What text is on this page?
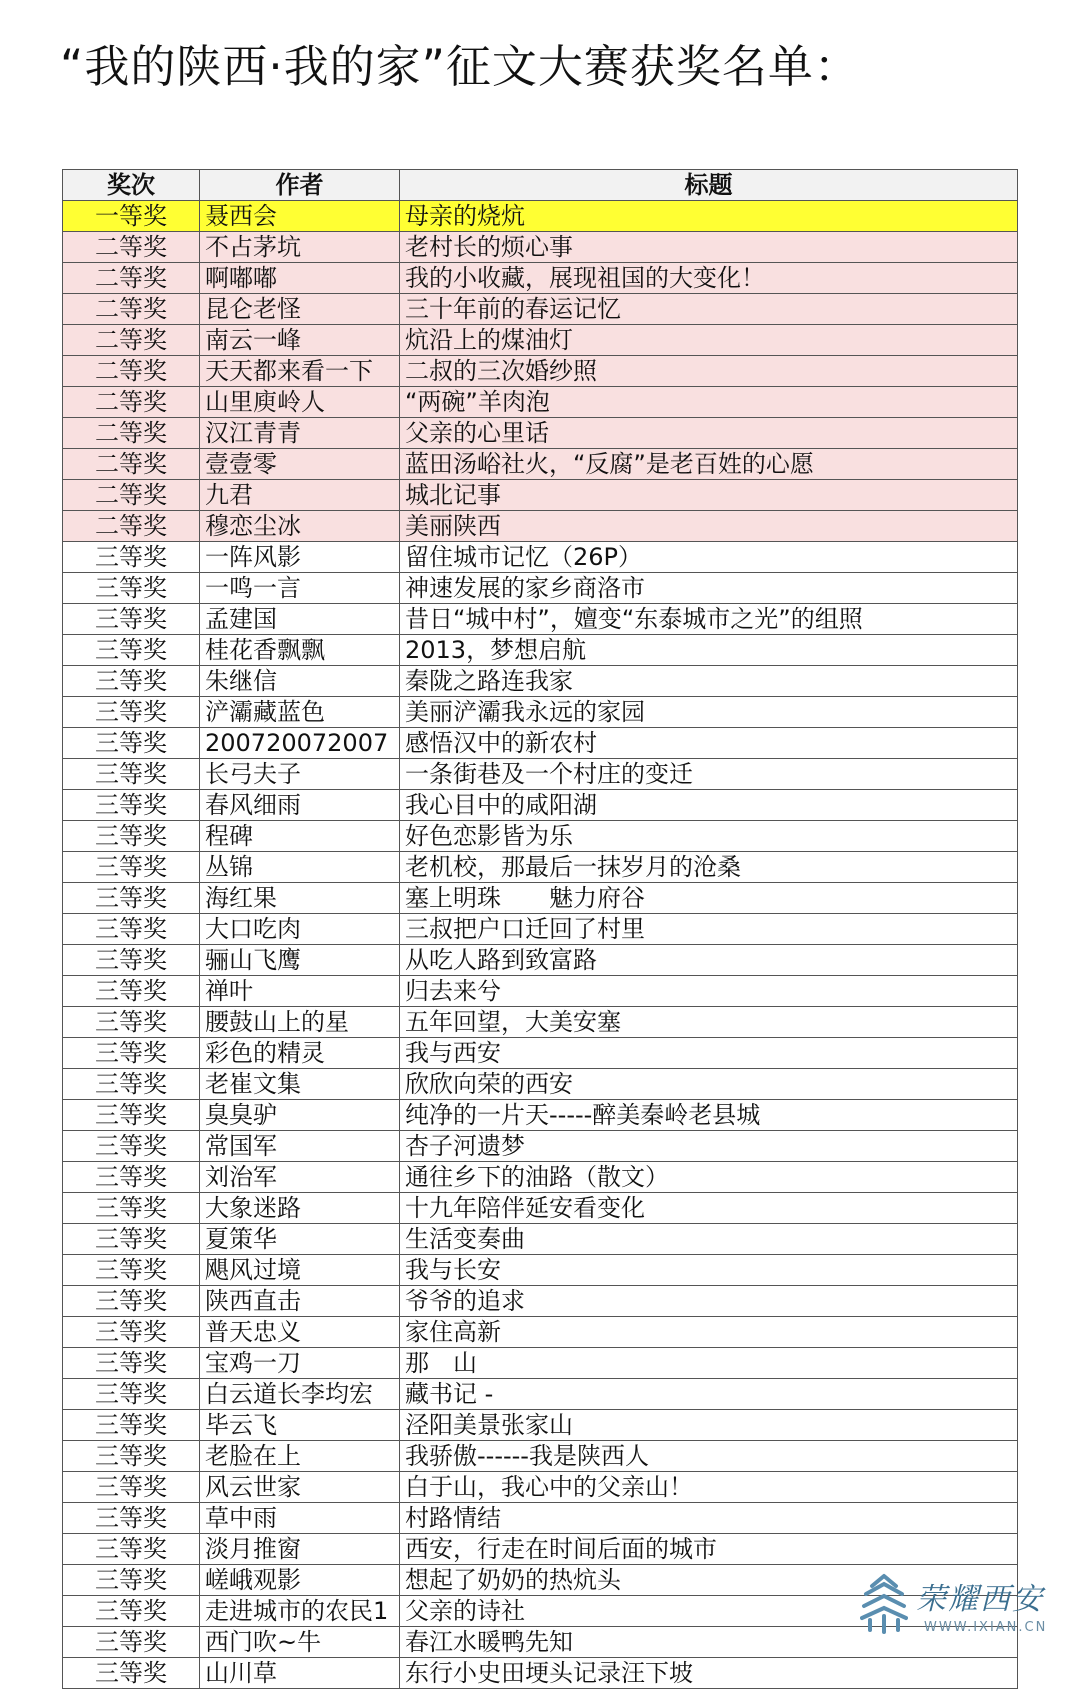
“我的陕西·我的家”征文大赛获奖名单：
奖次	作者	标题
一等奖	聂西会	母亲的烧炕
二等奖	不占茅坑	老村长的烦心事
二等奖	啊嘟嘟	我的小收藏，展现祖国的大变化！
二等奖	昆仑老怪	三十年前的春运记忆
二等奖	南云一峰	炕沿上的煤油灯
二等奖	天天都来看一下	二叔的三次婚纱照
二等奖	山里庾岭人	“两碗”羊肉泡
二等奖	汉江青青	父亲的心里话
二等奖	壹壹零	蓝田汤峪社火，“反腐”是老百姓的心愿
二等奖	九君	城北记事
二等奖	穆恋尘冰	美丽陕西
三等奖	一阵风影	留住城市记忆（26P）
三等奖	一鸣一言	神速发展的家乡商洛市
三等奖	孟建国	昔日“城中村”，嬗变“东泰城市之光”的组照
三等奖	桂花香飘飘	2013，梦想启航
三等奖	朱继信	秦陇之路连我家
三等奖	浐灞藏蓝色	美丽浐灞我永远的家园
三等奖	200720072007	感悟汉中的新农村
三等奖	长弓夫子	一条街巷及一个村庄的变迁
三等奖	春风细雨	我心目中的咸阳湖
三等奖	程碑	好色恋影皆为乐
三等奖	丛锦	老机校，那最后一抹岁月的沧桑
三等奖	海红果	塞上明珠　　魅力府谷
三等奖	大口吃肉	三叔把户口迁回了村里
三等奖	骊山飞鹰	从吃人路到致富路
三等奖	禅叶	归去来兮
三等奖	腰鼓山上的星	五年回望，大美安塞
三等奖	彩色的精灵	我与西安
三等奖	老崔文集	欣欣向荣的西安
三等奖	臭臭驴	纯净的一片天-----醉美秦岭老县城
三等奖	常国军	杏子河遗梦
三等奖	刘治军	通往乡下的油路（散文）
三等奖	大象迷路	十九年陪伴延安看变化
三等奖	夏策华	生活变奏曲
三等奖	飓风过境	我与长安
三等奖	陕西直击	爷爷的追求
三等奖	普天忠义	家住高新
三等奖	宝鸡一刀	那　山
三等奖	白云道长李均宏	藏书记 -
三等奖	毕云飞	泾阳美景张家山
三等奖	老脸在上	我骄傲------我是陕西人
三等奖	风云世家	白于山，我心中的父亲山！
三等奖	草中雨	村路情结
三等奖	淡月推窗	西安，行走在时间后面的城市
三等奖	嵯峨观影	想起了奶奶的热炕头
三等奖	走进城市的农民1	父亲的诗社
三等奖	西门吹~牛	春江水暖鸭先知
三等奖	山川草	东行小史田埂头记录汪下坡
荣耀西安
WWW.IXIAN.CN
